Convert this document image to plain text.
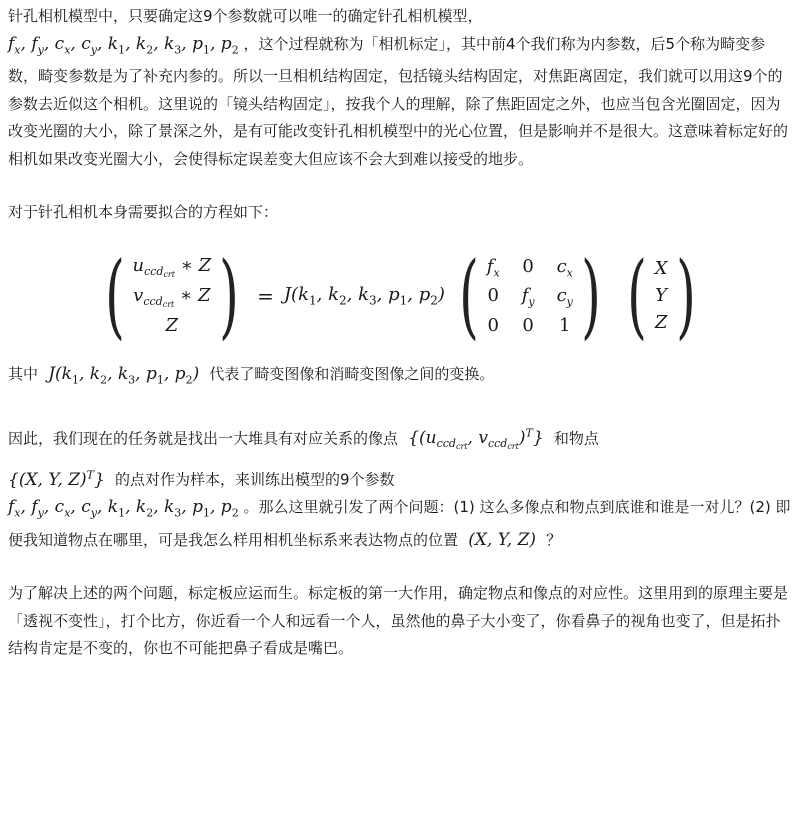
针孔相机模型中，只要确定这9个参数就可以唯一的确定针孔相机模型，
$f_x$, $f_y$, $c_x$, $c_y$, $k_1$, $k_2$, $k_3$, $p_1$, $p_2$ ，这个过程就称为「相机标定」，其中前4个我们称为内参数，后5个称为畸变参数，畸变参数是为了补充内参的。所以一旦相机结构固定，包括镜头结构固定，对焦距离固定，我们就可以用这9个的参数去近似这个相机。这里说的「镜头结构固定」，按我个人的理解，除了焦距固定之外，也应当包含光圈固定，因为改变光圈的大小，除了景深之外，是有可能改变针孔相机模型中的光心位置，但是影响并不是很大。这意味着标定好的相机如果改变光圈大小，会使得标定误差变大但应该不会大到难以接受的地步。

对于针孔相机本身需要拟合的方程如下：

( $u_{ccdcrt}$ ∗ Z
$v_{ccdcrt}$ ∗ Z
Z ) = $J(k_1$, $k_2$, $k_3$, $p_1$, $p_2$) ( $f_x$ 0 $c_x$
0 $f_y$ $c_y$
0 0 1 ) ( X
Y
Z )

其中  $J(k_1$, $k_2$, $k_3$, $p_1$, $p_2$)  代表了畸变图像和消畸变图像之间的变换。

因此，我们现在的任务就是找出一大堆具有对应关系的像点  {($u_{ccdcrt}$, $v_{ccdcrt})^T$}  和物点
{(X, Y, Z)$^T$}  的点对作为样本，来训练出模型的9个参数
$f_x$, $f_y$, $c_x$, $c_y$, $k_1$, $k_2$, $k_3$, $p_1$, $p_2$ 。那么这里就引发了两个问题：(1) 这么多像点和物点到底谁和谁是一对儿？(2) 即便我知道物点在哪里，可是我怎么样用相机坐标系来表达物点的位置  (X, Y, Z)  ？

为了解决上述的两个问题，标定板应运而生。标定板的第一大作用，确定物点和像点的对应性。这里用到的原理主要是「透视不变性」，打个比方，你近看一个人和远看一个人，虽然他的鼻子大小变了，你看鼻子的视角也变了，但是拓扑结构肯定是不变的，你也不可能把鼻子看成是嘴巴。
